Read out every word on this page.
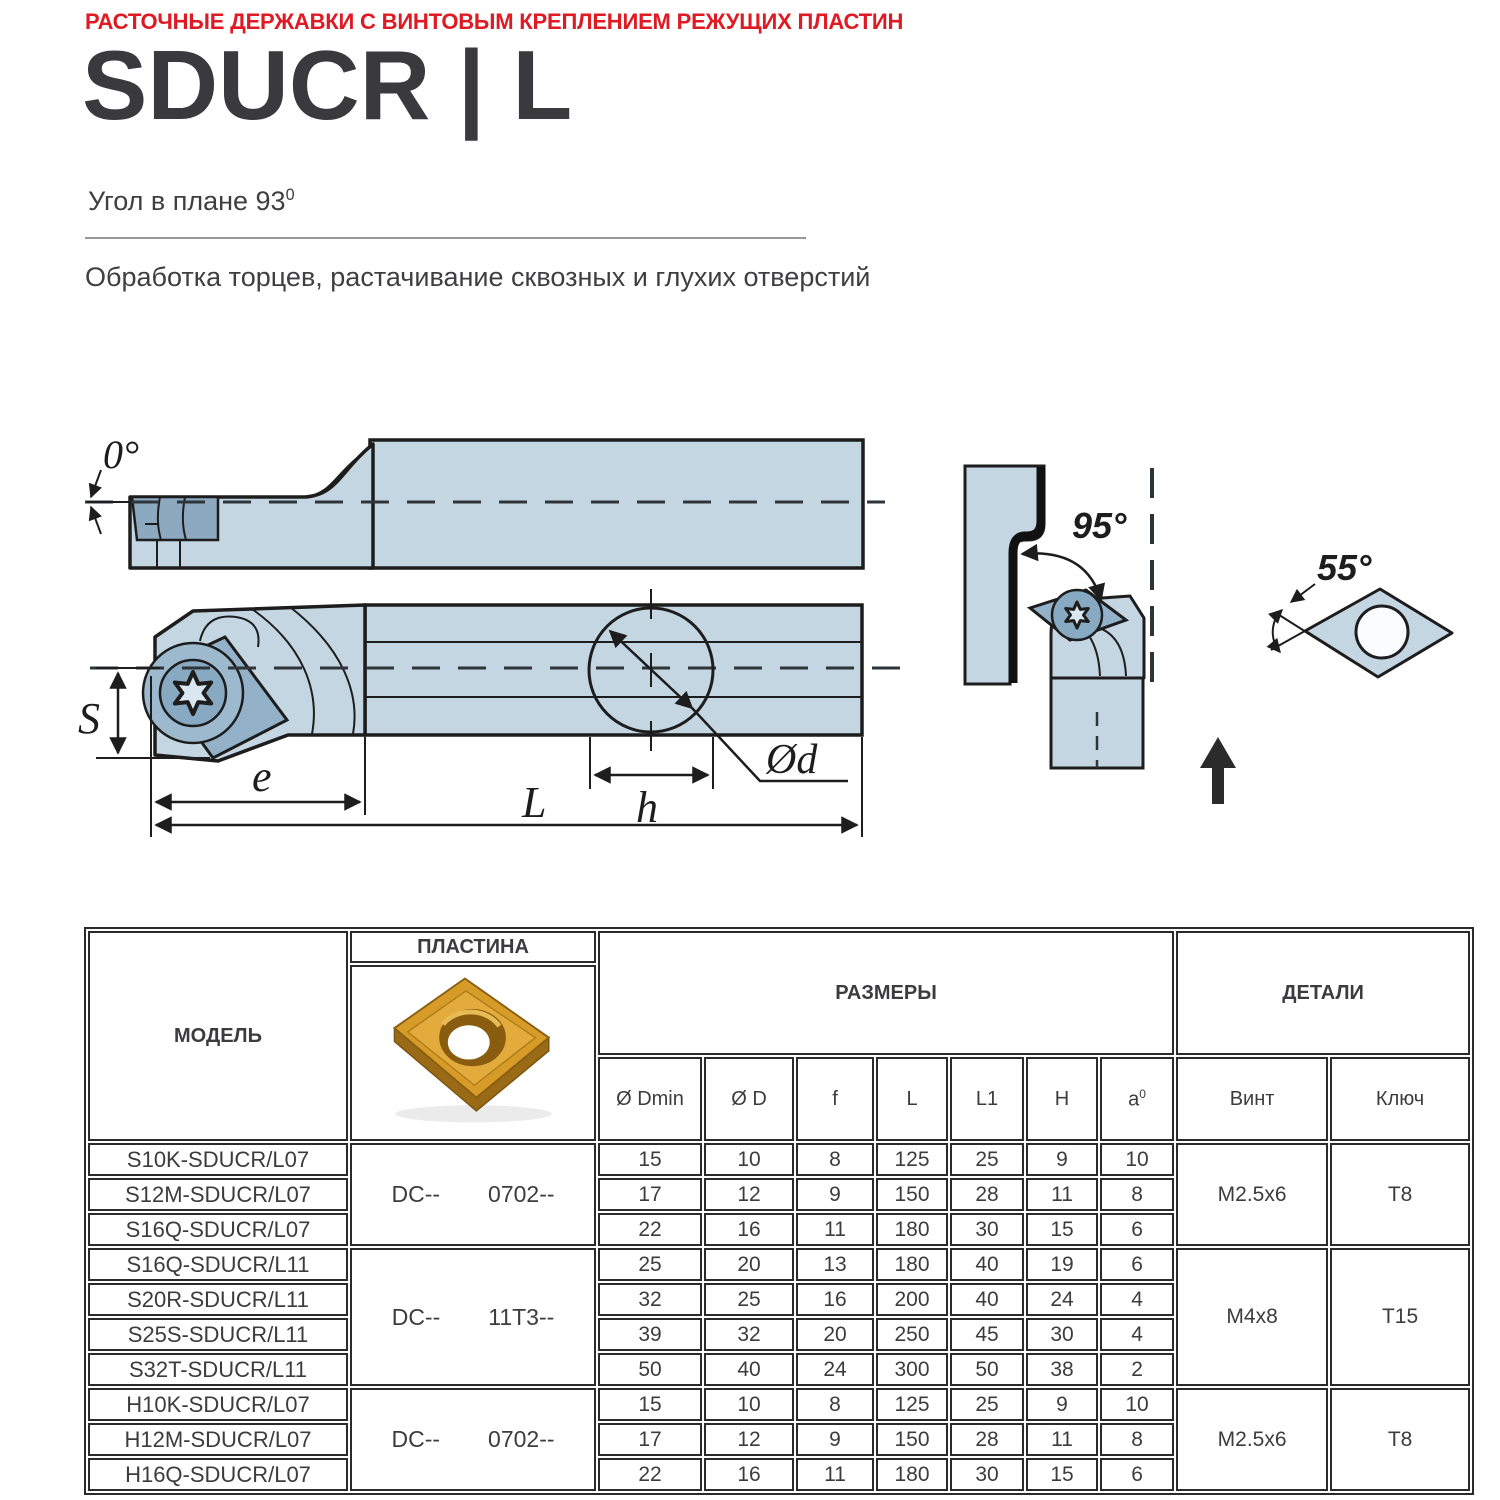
РАСТОЧНЫЕ ДЕРЖАВКИ С ВИНТОВЫМ КРЕПЛЕНИЕМ РЕЖУЩИХ ПЛАСТИН
SDUCR | L
Угол в плане $93^0$
Обработка торцев, растачивание сквозных и глухих отверстий
0°
Ød
S
e
L h
95°
55°
МОДЕЛЬ	ПЛАСТИНА	РАЗМЕРЫ							ДЕТАЛИ	

		Ø Dmin	Ø D	f	L	L1	H	$a^0$	Винт	Ключ
S10K-SDUCR/L07	DC-- 0702--	15	10	8	125	25	9	10	M2.5x6	T8
S12M-SDUCR/L07		17	12	9	150	28	11	8		
S16Q-SDUCR/L07		22	16	11	180	30	15	6		
S16Q-SDUCR/L11	DC-- 11T3--	25	20	13	180	40	19	6	M4x8	T15
S20R-SDUCR/L11		32	25	16	200	40	24	4		
S25S-SDUCR/L11		39	32	20	250	45	30	4		
S32T-SDUCR/L11		50	40	24	300	50	38	2		
H10K-SDUCR/L07	DC-- 0702--	15	10	8	125	25	9	10	M2.5x6	T8
H12M-SDUCR/L07		17	12	9	150	28	11	8		
H16Q-SDUCR/L07		22	16	11	180	30	15	6		
